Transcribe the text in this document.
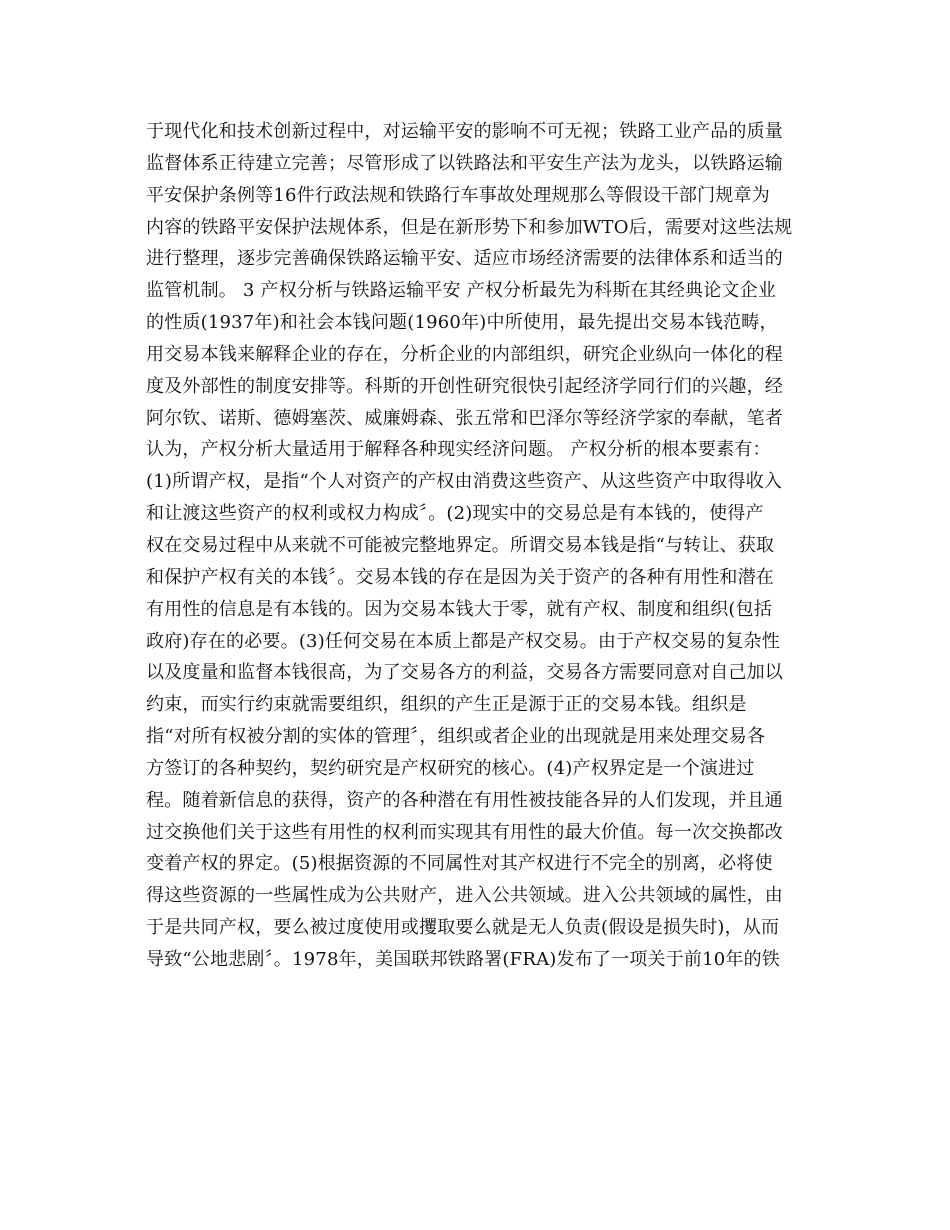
于现代化和技术创新过程中，对运输平安的影响不可无视；铁路工业产品的质量
监督体系正待建立完善；尽管形成了以铁路法和平安生产法为龙头，以铁路运输
平安保护条例等16件行政法规和铁路行车事故处理规那么等假设干部门规章为
内容的铁路平安保护法规体系，但是在新形势下和参加WTO后，需要对这些法规
进行整理，逐步完善确保铁路运输平安、适应市场经济需要的法律体系和适当的
监管机制。 3 产权分析与铁路运输平安 产权分析最先为科斯在其经典论文企业
的性质(1937年)和社会本钱问题(1960年)中所使用，最先提出交易本钱范畴，
用交易本钱来解释企业的存在，分析企业的内部组织，研究企业纵向一体化的程
度及外部性的制度安排等。科斯的开创性研究很快引起经济学同行们的兴趣，经
阿尔钦、诺斯、德姆塞茨、威廉姆森、张五常和巴泽尔等经济学家的奉献，笔者
认为，产权分析大量适用于解释各种现实经济问题。 产权分析的根本要素有：
(1)所谓产权，是指“个人对资产的产权由消费这些资产、从这些资产中取得收入
和让渡这些资产的权利或权力构成〞。(2)现实中的交易总是有本钱的，使得产
权在交易过程中从来就不可能被完整地界定。所谓交易本钱是指“与转让、获取
和保护产权有关的本钱〞。交易本钱的存在是因为关于资产的各种有用性和潜在
有用性的信息是有本钱的。因为交易本钱大于零，就有产权、制度和组织(包括
政府)存在的必要。(3)任何交易在本质上都是产权交易。由于产权交易的复杂性
以及度量和监督本钱很高，为了交易各方的利益，交易各方需要同意对自己加以
约束，而实行约束就需要组织，组织的产生正是源于正的交易本钱。组织是
指“对所有权被分割的实体的管理〞，组织或者企业的出现就是用来处理交易各
方签订的各种契约，契约研究是产权研究的核心。(4)产权界定是一个演进过
程。随着新信息的获得，资产的各种潜在有用性被技能各异的人们发现，并且通
过交换他们关于这些有用性的权利而实现其有用性的最大价值。每一次交换都改
变着产权的界定。(5)根据资源的不同属性对其产权进行不完全的别离，必将使
得这些资源的一些属性成为公共财产，进入公共领域。进入公共领域的属性，由
于是共同产权，要么被过度使用或攫取要么就是无人负责(假设是损失时)，从而
导致“公地悲剧〞。1978年，美国联邦铁路署(FRA)发布了一项关于前10年的铁
